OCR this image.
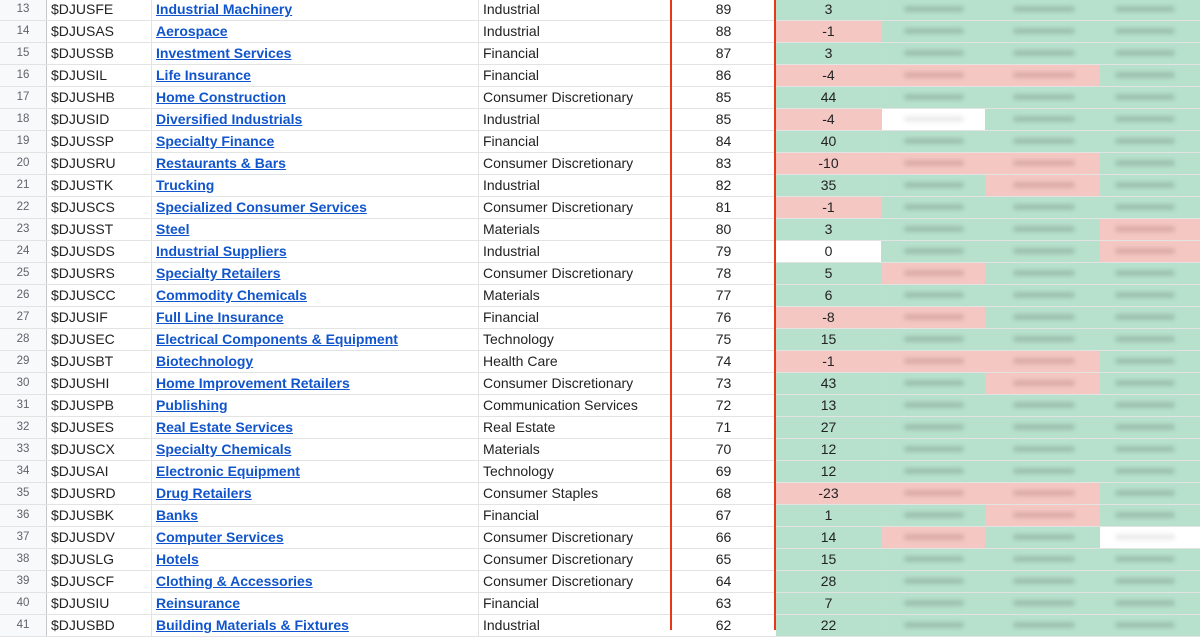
13	$DJUSFE	Industrial Machinery	Industrial	89	3
14	$DJUSAS	Aerospace	Industrial	88	-1
15	$DJUSSB	Investment Services	Financial	87	3
16	$DJUSIL	Life Insurance	Financial	86	-4
17	$DJUSHB	Home Construction	Consumer Discretionary	85	44
18	$DJUSID	Diversified Industrials	Industrial	85	-4
19	$DJUSSP	Specialty Finance	Financial	84	40
20	$DJUSRU	Restaurants & Bars	Consumer Discretionary	83	-10
21	$DJUSTK	Trucking	Industrial	82	35
22	$DJUSCS	Specialized Consumer Services	Consumer Discretionary	81	-1
23	$DJUSST	Steel	Materials	80	3
24	$DJUSDS	Industrial Suppliers	Industrial	79	0
25	$DJUSRS	Specialty Retailers	Consumer Discretionary	78	5
26	$DJUSCC	Commodity Chemicals	Materials	77	6
27	$DJUSIF	Full Line Insurance	Financial	76	-8
28	$DJUSEC	Electrical Components & Equipment	Technology	75	15
29	$DJUSBT	Biotechnology	Health Care	74	-1
30	$DJUSHI	Home Improvement Retailers	Consumer Discretionary	73	43
31	$DJUSPB	Publishing	Communication Services	72	13
32	$DJUSES	Real Estate Services	Real Estate	71	27
33	$DJUSCX	Specialty Chemicals	Materials	70	12
34	$DJUSAI	Electronic Equipment	Technology	69	12
35	$DJUSRD	Drug Retailers	Consumer Staples	68	-23
36	$DJUSBK	Banks	Financial	67	1
37	$DJUSDV	Computer Services	Consumer Discretionary	66	14
38	$DJUSLG	Hotels	Consumer Discretionary	65	15
39	$DJUSCF	Clothing & Accessories	Consumer Discretionary	64	28
40	$DJUSIU	Reinsurance	Financial	63	7
41	$DJUSBD	Building Materials & Fixtures	Industrial	62	22
